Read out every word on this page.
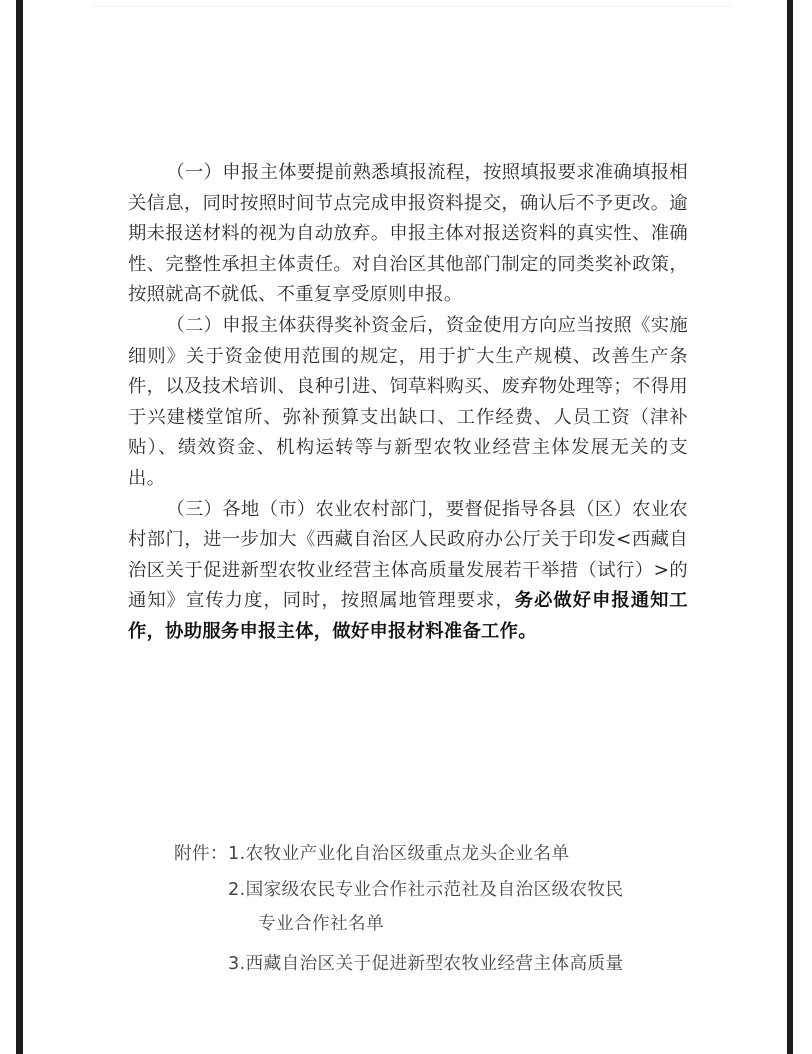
（一）申报主体要提前熟悉填报流程，按照填报要求准确填报相关信息，同时按照时间节点完成申报资料提交，确认后不予更改。逾期未报送材料的视为自动放弃。申报主体对报送资料的真实性、准确性、完整性承担主体责任。对自治区其他部门制定的同类奖补政策，按照就高不就低、不重复享受原则申报。

（二）申报主体获得奖补资金后，资金使用方向应当按照《实施细则》关于资金使用范围的规定，用于扩大生产规模、改善生产条件，以及技术培训、良种引进、饲草料购买、废弃物处理等；不得用于兴建楼堂馆所、弥补预算支出缺口、工作经费、人员工资（津补贴）、绩效资金、机构运转等与新型农牧业经营主体发展无关的支出。

（三）各地（市）农业农村部门，要督促指导各县（区）农业农村部门，进一步加大《西藏自治区人民政府办公厅关于印发<西藏自治区关于促进新型农牧业经营主体高质量发展若干举措（试行）>的通知》宣传力度，同时，按照属地管理要求，务必做好申报通知工作，协助服务申报主体，做好申报材料准备工作。

附件： 1.农牧业产业化自治区级重点龙头企业名单
2.国家级农民专业合作社示范社及自治区级农牧民
专业合作社名单
3.西藏自治区关于促进新型农牧业经营主体高质量
